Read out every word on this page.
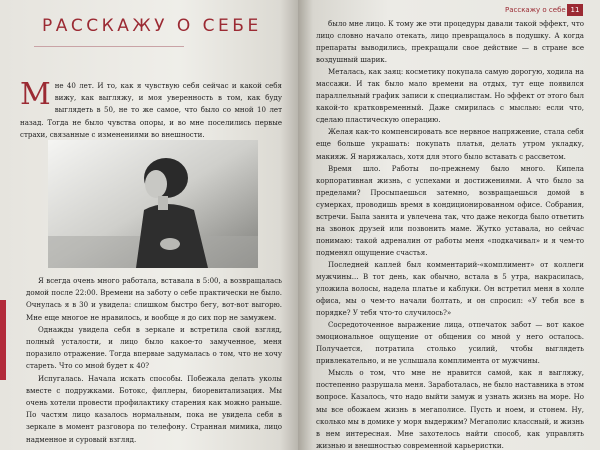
РАССКАЖУ О СЕБЕ
М не 40 лет. И то, как я чувствую себя сейчас и какой себя вижу, как выгляжу, и моя уверенность в том, как буду выглядеть в 50, не то же самое, что было со мной 10 лет назад. Тогда не было чувства опоры, и во мне поселились первые страхи, связанные с изменениями во внешности.

Я всегда очень много работала, вставала в 5:00, а возвращалась домой после 22:00. Времени на заботу о себе практически не было. Очнулась я в 30 и увидела: слишком быстро бегу, вот-вот выгорю. Мне еще многое не нравилось, и вообще я до сих пор не замужем.

Однажды увидела себя в зеркале и встретила свой взгляд, полный усталости, и лицо было какое-то замученное, меня поразило отражение. Тогда впервые задумалась о том, что не хочу стареть. Что со мной будет к 40?

Испугалась. Начала искать способы. Побежала делать уколы вместе с подружками. Ботокс, филлеры, биоревитализация. Мы очень хотели провести профилактику старения как можно раньше. По частям лицо казалось нормальным, пока не увидела себя в зеркале в момент разговора по телефону. Странная мимика, лицо надменное и суровый взгляд.

Расскажу о себе 11

было мне лицо. К тому же эти процедуры давали такой эффект, что лицо словно начало отекать, лицо превращалось в подушку. А когда препараты выводились, прекращали свое действие — в стране все воздушный шарик.

Металась, как заяц: косметику покупала самую дорогую, ходила на массажи. И так было мало времени на отдых, тут еще появился параллельный график записи к специалистам. Но эффект от этого был какой-то кратковременный. Даже смирилась с мыслью: если что, сделаю пластическую операцию.

Желая как-то компенсировать все нервное напряжение, стала себя еще больше украшать: покупать платья, делать утром укладку, макияж. Я наряжалась, хотя для этого было вставать с рассветом.

Время шло. Работы по-прежнему было много. Кипела корпоративная жизнь, с успехами и достижениями. А что было за пределами? Просыпаешься затемно, возвращаешься домой в сумерках, проводишь время в кондиционированном офисе. Собрания, встречи. Была занята и увлечена так, что даже некогда было ответить на звонок друзей или позвонить маме. Жутко уставала, но сейчас понимаю: такой адреналин от работы меня «подкачивал» и я чем-то подменял ощущение счастья.

Последней каплей был комментарий-«комплимент» от коллеги мужчины... В тот день, как обычно, встала в 5 утра, накрасилась, уложила волосы, надела платье и каблуки. Он встретил меня в холле офиса, мы о чем-то начали болтать, и он спросил: «У тебя все в порядке? У тебя что-то случилось?»

Сосредоточенное выражение лица, отпечаток забот — вот какое эмоциональное ощущение от общения со мной у него осталось. Получается, потратила столько усилий, чтобы выглядеть привлекательно, и не услышала комплимента от мужчины.

Мысль о том, что мне не нравится самой, как я выгляжу, постепенно разрушала меня. Заработалась, не было наставника в этом вопросе. Казалось, что надо выйти замуж и узнать жизнь на море. Но мы все обожаем жизнь в мегаполисе. Пусть и ноем, и стонем. Ну, сколько мы в домике у моря выдержим? Мегаполис классный, и жизнь в нем интересная. Мне захотелось найти способ, как управлять жизнью и внешностью современной карьеристки.
